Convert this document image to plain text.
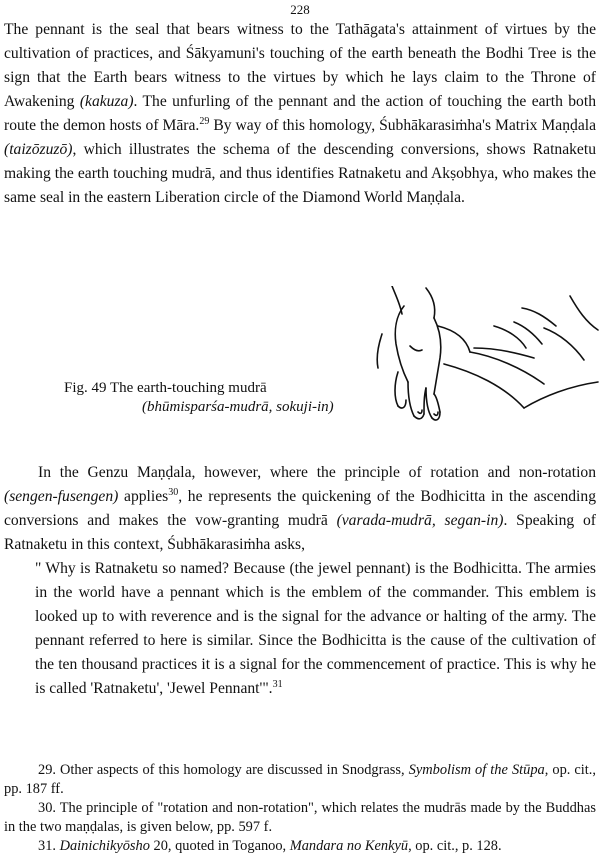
228

The pennant is the seal that bears witness to the Tathāgata's attainment of virtues by the cultivation of practices, and Śākyamuni's touching of the earth beneath the Bodhi Tree is the sign that the Earth bears witness to the virtues by which he lays claim to the Throne of Awakening (kakuza). The unfurling of the pennant and the action of touching the earth both route the demon hosts of Māra.$^{29}$ By way of this homology, Śubhākarasiṁha's Matrix Maṇḍala (taizōzuzō), which illustrates the schema of the descending conversions, shows Ratnaketu making the earth touching mudrā, and thus identifies Ratnaketu and Akṣobhya, who makes the same seal in the eastern Liberation circle of the Diamond World Maṇḍala.

Fig. 49 The earth-touching mudrā
(bhūmisparśa-mudrā, sokuji-in)

In the Genzu Maṇḍala, however, where the principle of rotation and non-rotation (sengen-fusengen) applies$^{30}$, he represents the quickening of the Bodhicitta in the ascending conversions and makes the vow-granting mudrā (varada-mudrā, segan-in). Speaking of Ratnaketu in this context, Śubhākarasiṁha asks,

" Why is Ratnaketu so named? Because (the jewel pennant) is the Bodhicitta. The armies in the world have a pennant which is the emblem of the commander. This emblem is looked up to with reverence and is the signal for the advance or halting of the army. The pennant referred to here is similar. Since the Bodhicitta is the cause of the cultivation of the ten thousand practices it is a signal for the commencement of practice. This is why he is called 'Ratnaketu', 'Jewel Pennant'".$^{31}$

29. Other aspects of this homology are discussed in Snodgrass, Symbolism of the Stūpa, op. cit., pp. 187 ff.

30. The principle of "rotation and non-rotation", which relates the mudrās made by the Buddhas in the two maṇḍalas, is given below, pp. 597 f.

31. Dainichikyōsho 20, quoted in Toganoo, Mandara no Kenkyū, op. cit., p. 128.
